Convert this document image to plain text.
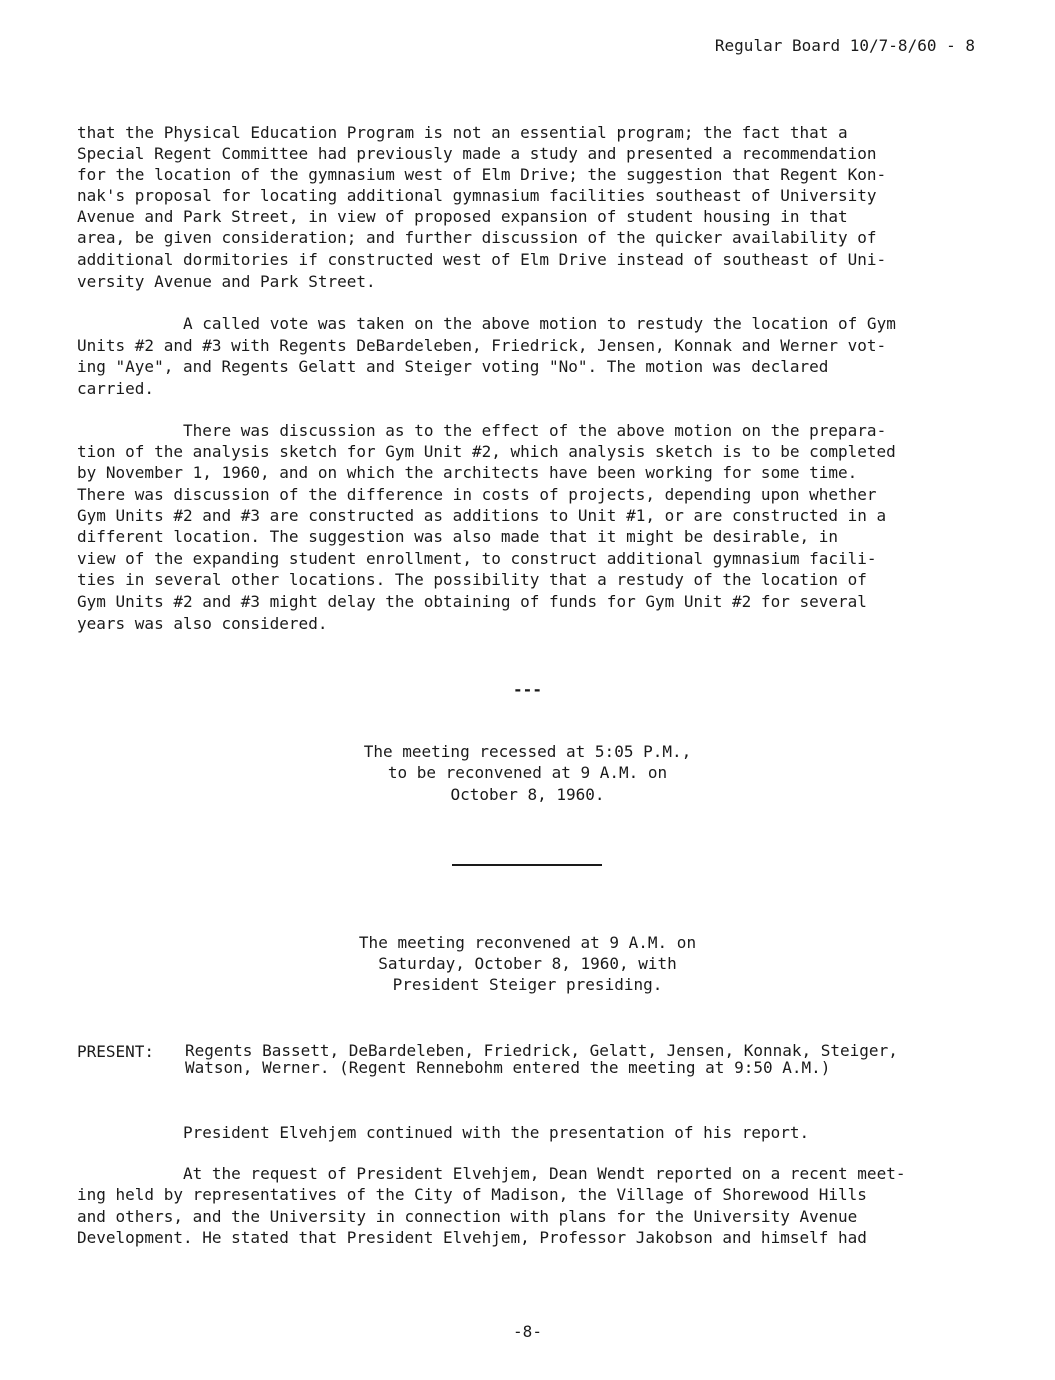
Regular Board 10/7-8/60 - 8
that the Physical Education Program is not an essential program; the fact that a
Special Regent Committee had previously made a study and presented a recommendation
for the location of the gymnasium west of Elm Drive; the suggestion that Regent Kon-
nak's proposal for locating additional gymnasium facilities southeast of University
Avenue and Park Street, in view of proposed expansion of student housing in that
area, be given consideration; and further discussion of the quicker availability of
additional dormitories if constructed west of Elm Drive instead of southeast of Uni-
versity Avenue and Park Street.
A called vote was taken on the above motion to restudy the location of Gym
Units #2 and #3 with Regents DeBardeleben, Friedrick, Jensen, Konnak and Werner vot-
ing "Aye", and Regents Gelatt and Steiger voting "No". The motion was declared
carried.
There was discussion as to the effect of the above motion on the prepara-
tion of the analysis sketch for Gym Unit #2, which analysis sketch is to be completed
by November 1, 1960, and on which the architects have been working for some time.
There was discussion of the difference in costs of projects, depending upon whether
Gym Units #2 and #3 are constructed as additions to Unit #1, or are constructed in a
different location. The suggestion was also made that it might be desirable, in
view of the expanding student enrollment, to construct additional gymnasium facili-
ties in several other locations. The possibility that a restudy of the location of
Gym Units #2 and #3 might delay the obtaining of funds for Gym Unit #2 for several
years was also considered.
---
The meeting recessed at 5:05 P.M.,
to be reconvened at 9 A.M. on
October 8, 1960.
The meeting reconvened at 9 A.M. on
Saturday, October 8, 1960, with
President Steiger presiding.
PRESENT: Regents Bassett, DeBardeleben, Friedrick, Gelatt, Jensen, Konnak, Steiger,
Watson, Werner. (Regent Rennebohm entered the meeting at 9:50 A.M.)
President Elvehjem continued with the presentation of his report.
At the request of President Elvehjem, Dean Wendt reported on a recent meet-
ing held by representatives of the City of Madison, the Village of Shorewood Hills
and others, and the University in connection with plans for the University Avenue
Development. He stated that President Elvehjem, Professor Jakobson and himself had
-8-
